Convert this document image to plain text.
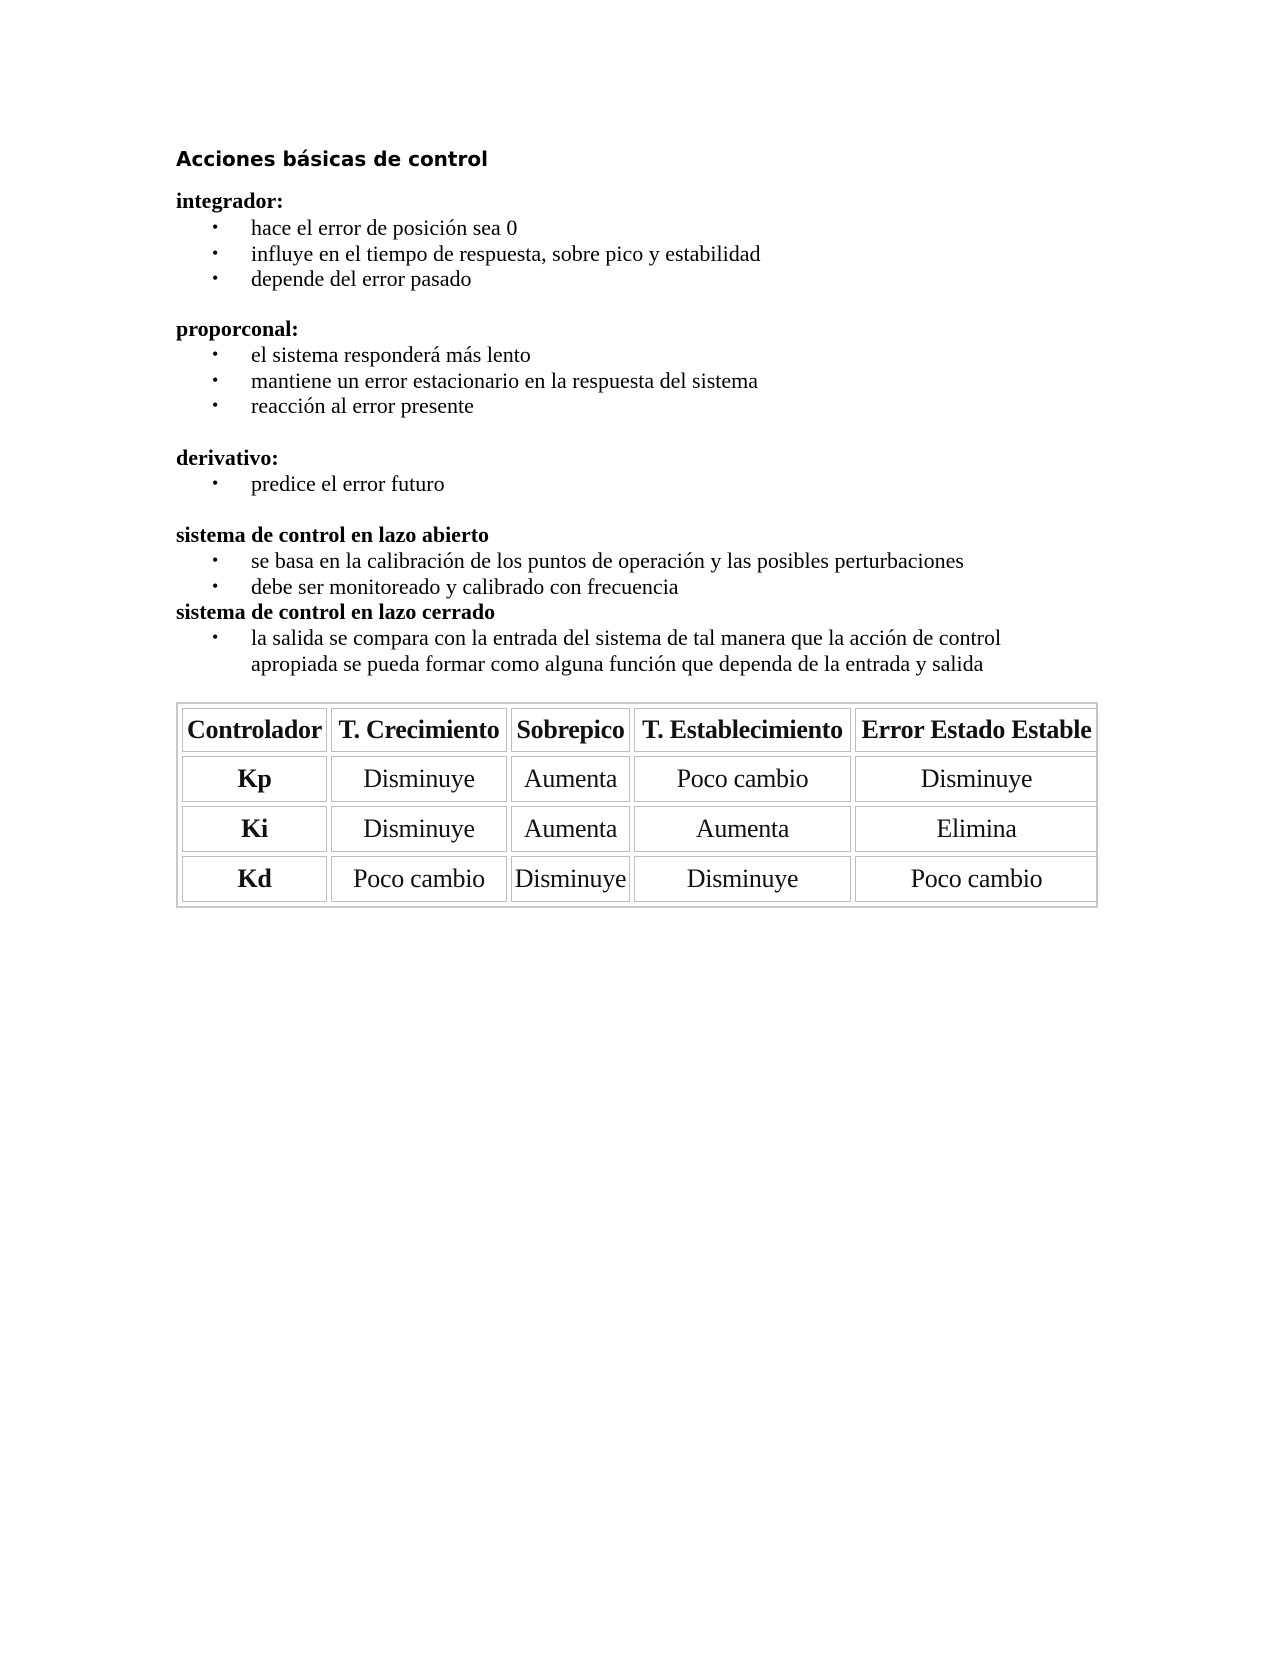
Acciones básicas de control
integrador:
• hace el error de posición sea 0
• influye en el tiempo de respuesta, sobre pico y estabilidad
• depende del error pasado
proporconal:
• el sistema responderá más lento
• mantiene un error estacionario en la respuesta del sistema
• reacción al error presente
derivativo:
• predice el error futuro
sistema de control en lazo abierto
• se basa en la calibración de los puntos de operación y las posibles perturbaciones
• debe ser monitoreado y calibrado con frecuencia
sistema de control en lazo cerrado
• la salida se compara con la entrada del sistema de tal manera que la acción de control apropiada se pueda formar como alguna función que dependa de la entrada y salida
Controlador	T. Crecimiento	Sobrepico	T. Establecimiento	Error Estado Estable
Kp	Disminuye	Aumenta	Poco cambio	Disminuye
Ki	Disminuye	Aumenta	Aumenta	Elimina
Kd	Poco cambio	Disminuye	Disminuye	Poco cambio
